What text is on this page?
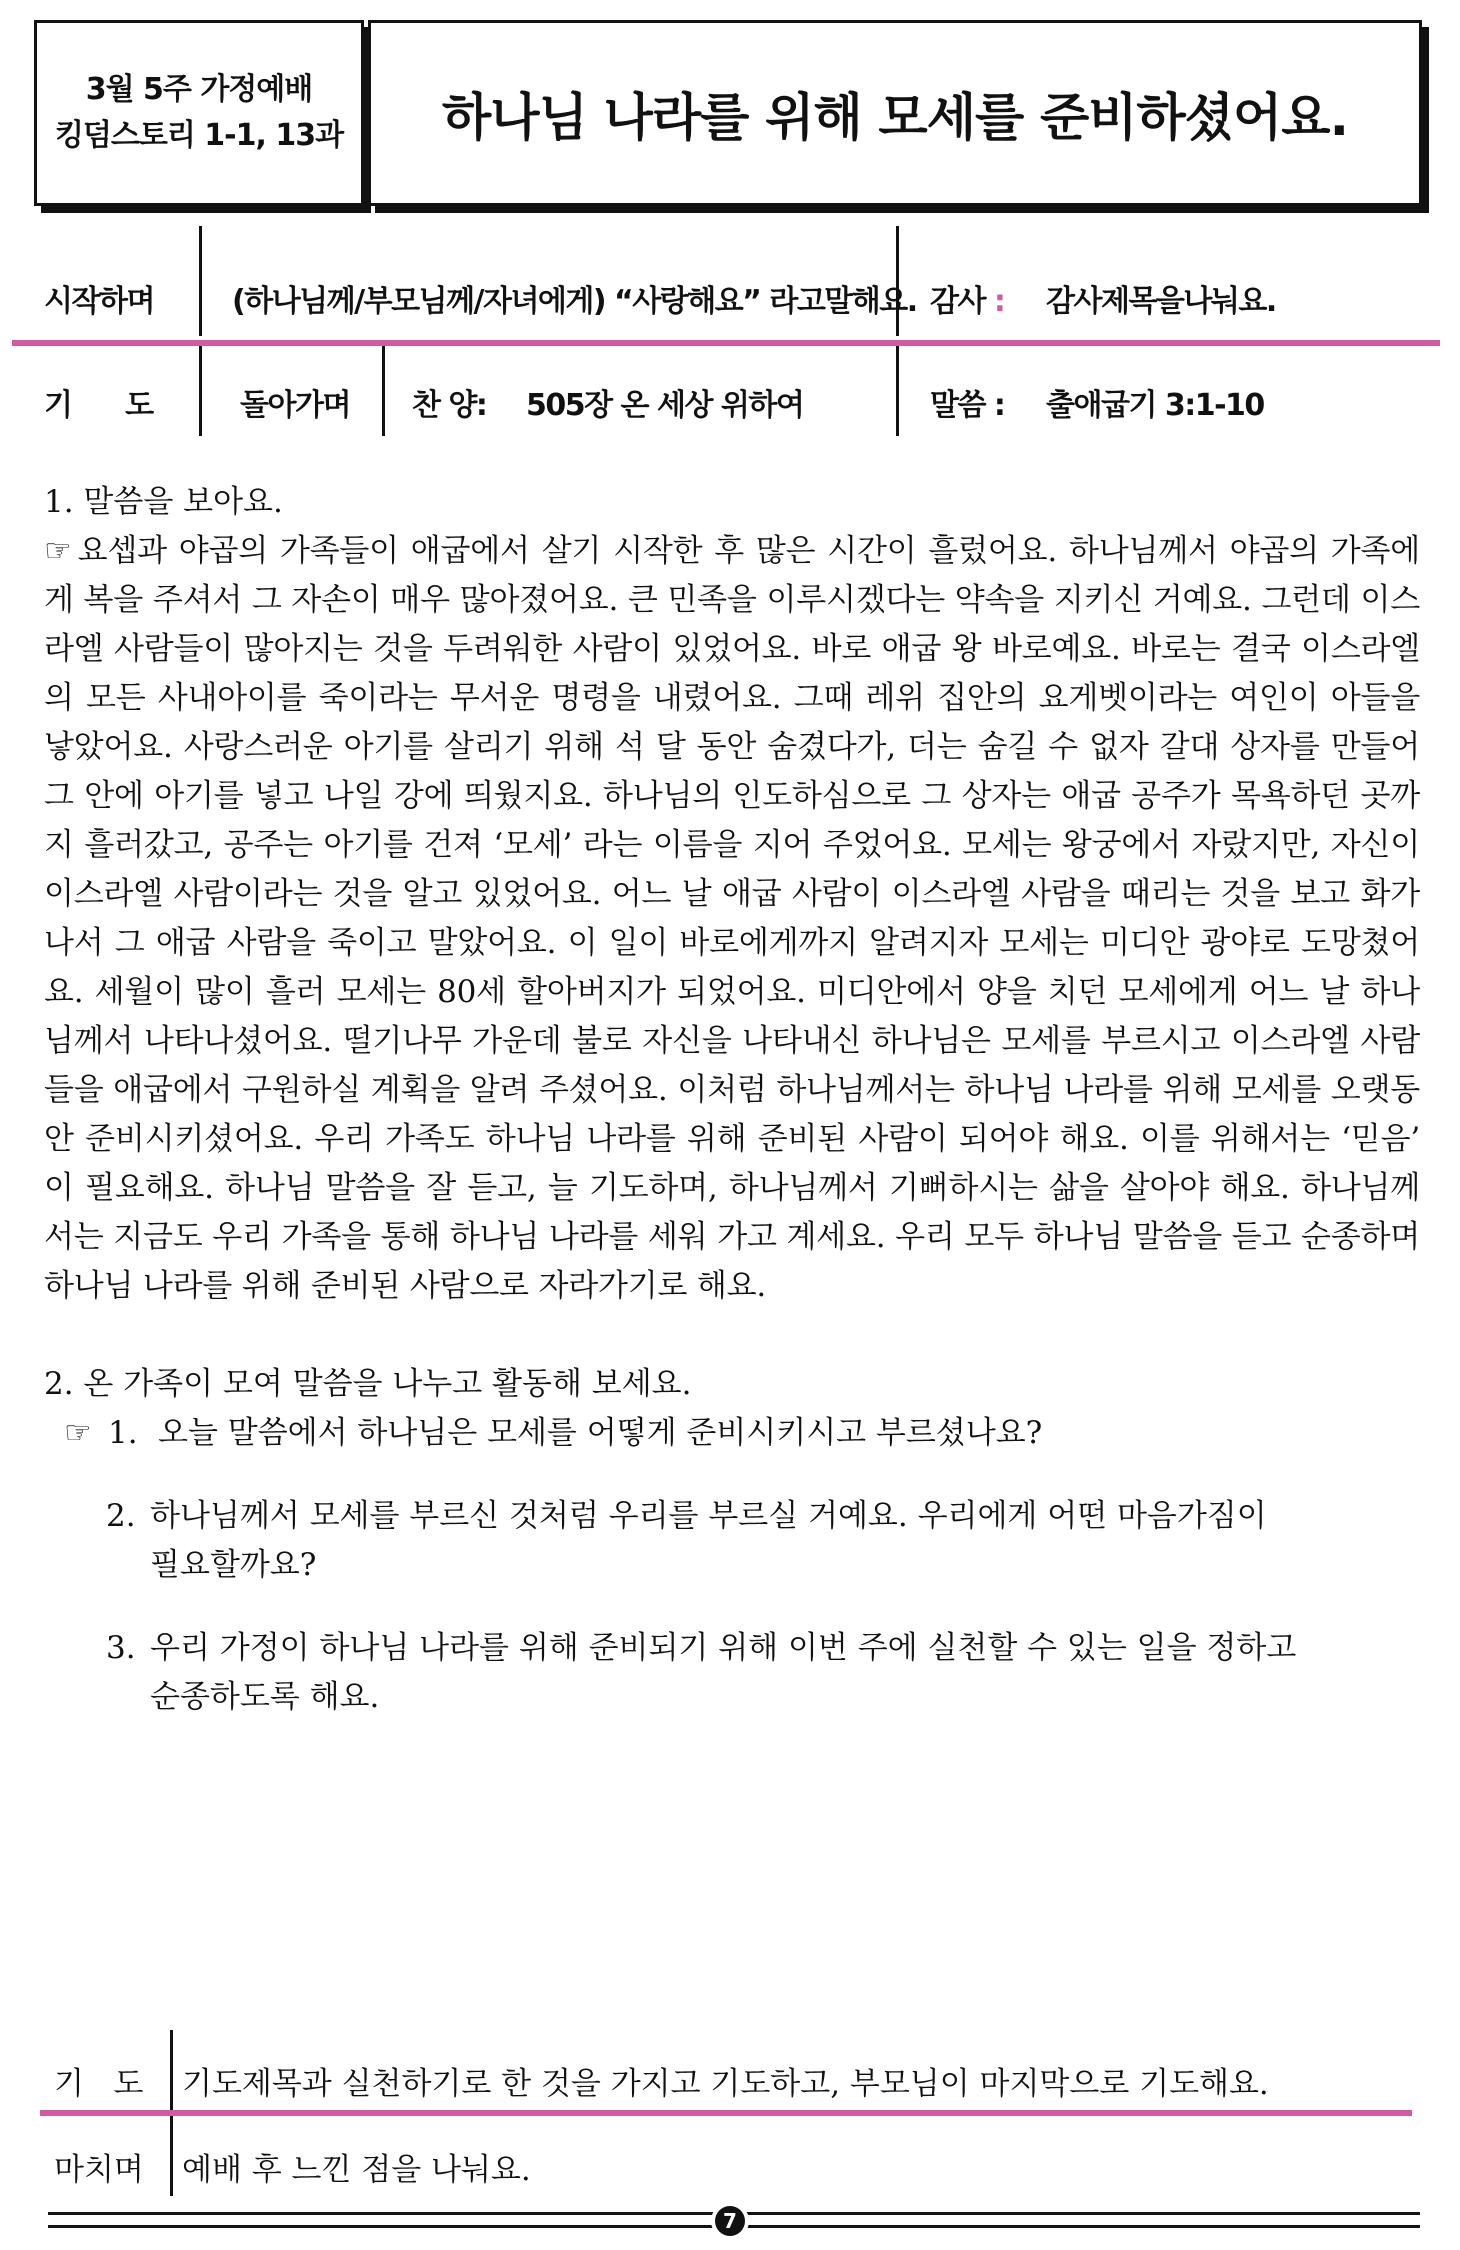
3월 5주 가정예배
킹덤스토리 1-1, 13과 하나님 나라를 위해 모세를 준비하셨어요.
시작하며	(하나님께/부모님께/자녀에게) “사랑해요” 라고말해요. 감사 : 감사제목을나눠요.
기      도	돌아가며 찬 양: 505장 온 세상 위하여	말씀 : 출애굽기 3:1-10

1. 말씀을 보아요.

☞ 요셉과 야곱의 가족들이 애굽에서 살기 시작한 후 많은 시간이 흘렀어요. 하나님께서 야곱의 가족에게 복을 주셔서 그 자손이 매우 많아졌어요. 큰 민족을 이루시겠다는 약속을 지키신 거예요. 그런데 이스라엘 사람들이 많아지는 것을 두려워한 사람이 있었어요. 바로 애굽 왕 바로예요. 바로는 결국 이스라엘의 모든 사내아이를 죽이라는 무서운 명령을 내렸어요. 그때 레위 집안의 요게벳이라는 여인이 아들을 낳았어요. 사랑스러운 아기를 살리기 위해 석 달 동안 숨겼다가, 더는 숨길 수 없자 갈대 상자를 만들어 그 안에 아기를 넣고 나일 강에 띄웠지요. 하나님의 인도하심으로 그 상자는 애굽 공주가 목욕하던 곳까지 흘러갔고, 공주는 아기를 건져 ‘모세’ 라는 이름을 지어 주었어요. 모세는 왕궁에서 자랐지만, 자신이 이스라엘 사람이라는 것을 알고 있었어요. 어느 날 애굽 사람이 이스라엘 사람을 때리는 것을 보고 화가 나서 그 애굽 사람을 죽이고 말았어요. 이 일이 바로에게까지 알려지자 모세는 미디안 광야로 도망쳤어요. 세월이 많이 흘러 모세는 80세 할아버지가 되었어요. 미디안에서 양을 치던 모세에게 어느 날 하나님께서 나타나셨어요. 떨기나무 가운데 불로 자신을 나타내신 하나님은 모세를 부르시고 이스라엘 사람들을 애굽에서 구원하실 계획을 알려 주셨어요. 이처럼 하나님께서는 하나님 나라를 위해 모세를 오랫동안 준비시키셨어요. 우리 가족도 하나님 나라를 위해 준비된 사람이 되어야 해요. 이를 위해서는 ‘믿음’ 이 필요해요. 하나님 말씀을 잘 듣고, 늘 기도하며, 하나님께서 기뻐하시는 삶을 살아야 해요. 하나님께서는 지금도 우리 가족을 통해 하나님 나라를 세워 가고 계세요. 우리 모두 하나님 말씀을 듣고 순종하며 하나님 나라를 위해 준비된 사람으로 자라가기로 해요.

2. 온 가족이 모여 말씀을 나누고 활동해 보세요.

☞ 1. 오늘 말씀에서 하나님은 모세를 어떻게 준비시키시고 부르셨나요?
2. 하나님께서 모세를 부르신 것처럼 우리를 부르실 거예요. 우리에게 어떤 마음가짐이
필요할까요?
3. 우리 가정이 하나님 나라를 위해 준비되기 위해 이번 주에 실천할 수 있는 일을 정하고
순종하도록 해요.
기   도 기도제목과 실천하기로 한 것을 가지고 기도하고, 부모님이 마지막으로 기도해요.
마치며 예배 후 느낀 점을 나눠요.
7
